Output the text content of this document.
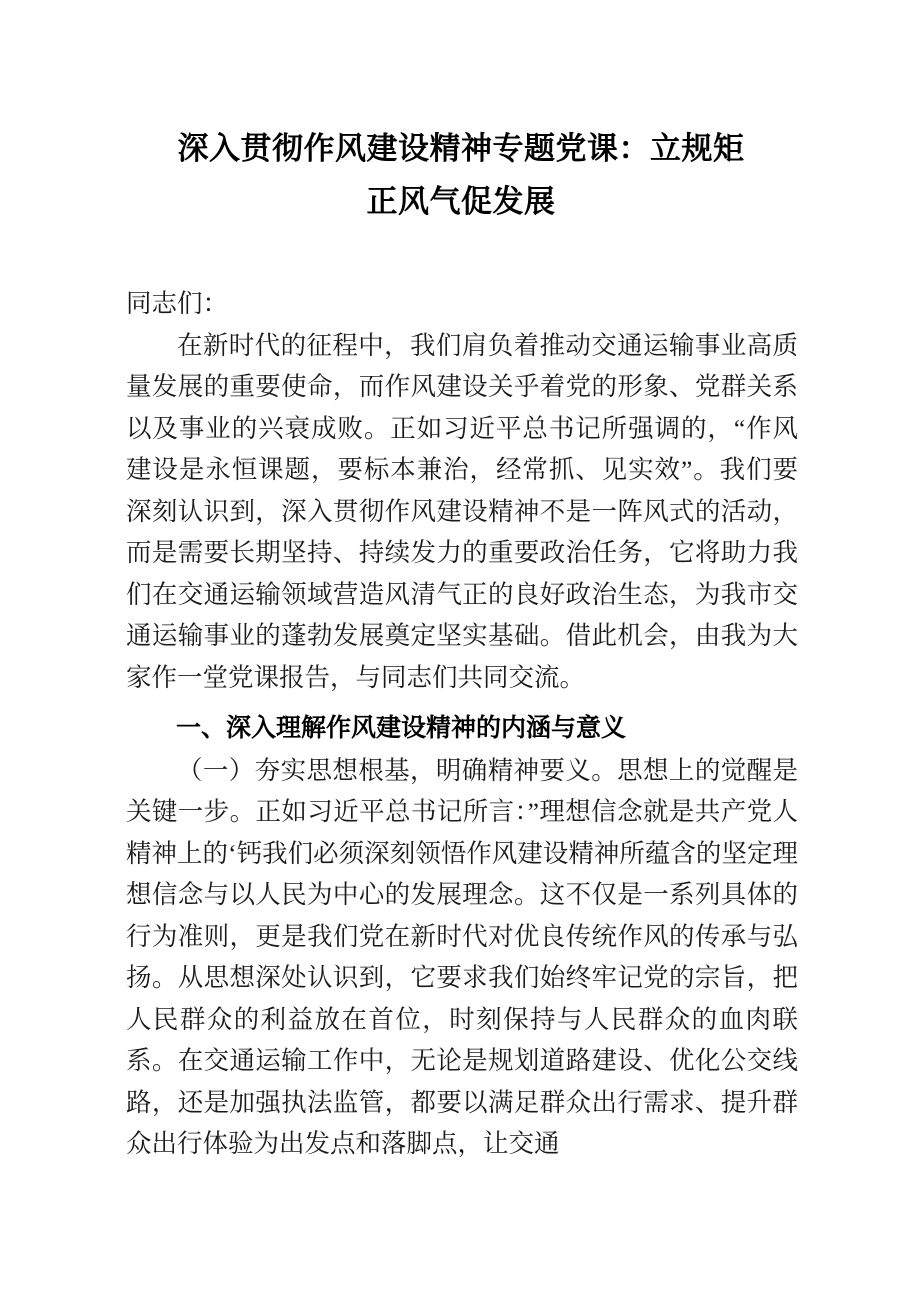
深入贯彻作风建设精神专题党课：立规矩
正风气促发展

同志们：

在新时代的征程中，我们肩负着推动交通运输事业高质量发展的重要使命，而作风建设关乎着党的形象、党群关系以及事业的兴衰成败。正如习近平总书记所强调的，“作风建设是永恒课题，要标本兼治，经常抓、见实效”。我们要深刻认识到，深入贯彻作风建设精神不是一阵风式的活动，而是需要长期坚持、持续发力的重要政治任务，它将助力我们在交通运输领域营造风清气正的良好政治生态，为我市交通运输事业的蓬勃发展奠定坚实基础。借此机会，由我为大家作一堂党课报告，与同志们共同交流。

一、深入理解作风建设精神的内涵与意义

（一）夯实思想根基，明确精神要义。思想上的觉醒是关键一步。正如习近平总书记所言：”理想信念就是共产党人精神上的‘钙我们必须深刻领悟作风建设精神所蕴含的坚定理想信念与以人民为中心的发展理念。这不仅是一系列具体的行为准则，更是我们党在新时代对优良传统作风的传承与弘扬。从思想深处认识到，它要求我们始终牢记党的宗旨，把人民群众的利益放在首位，时刻保持与人民群众的血肉联系。在交通运输工作中，无论是规划道路建设、优化公交线路，还是加强执法监管，都要以满足群众出行需求、提升群众出行体验为出发点和落脚点，让交通
